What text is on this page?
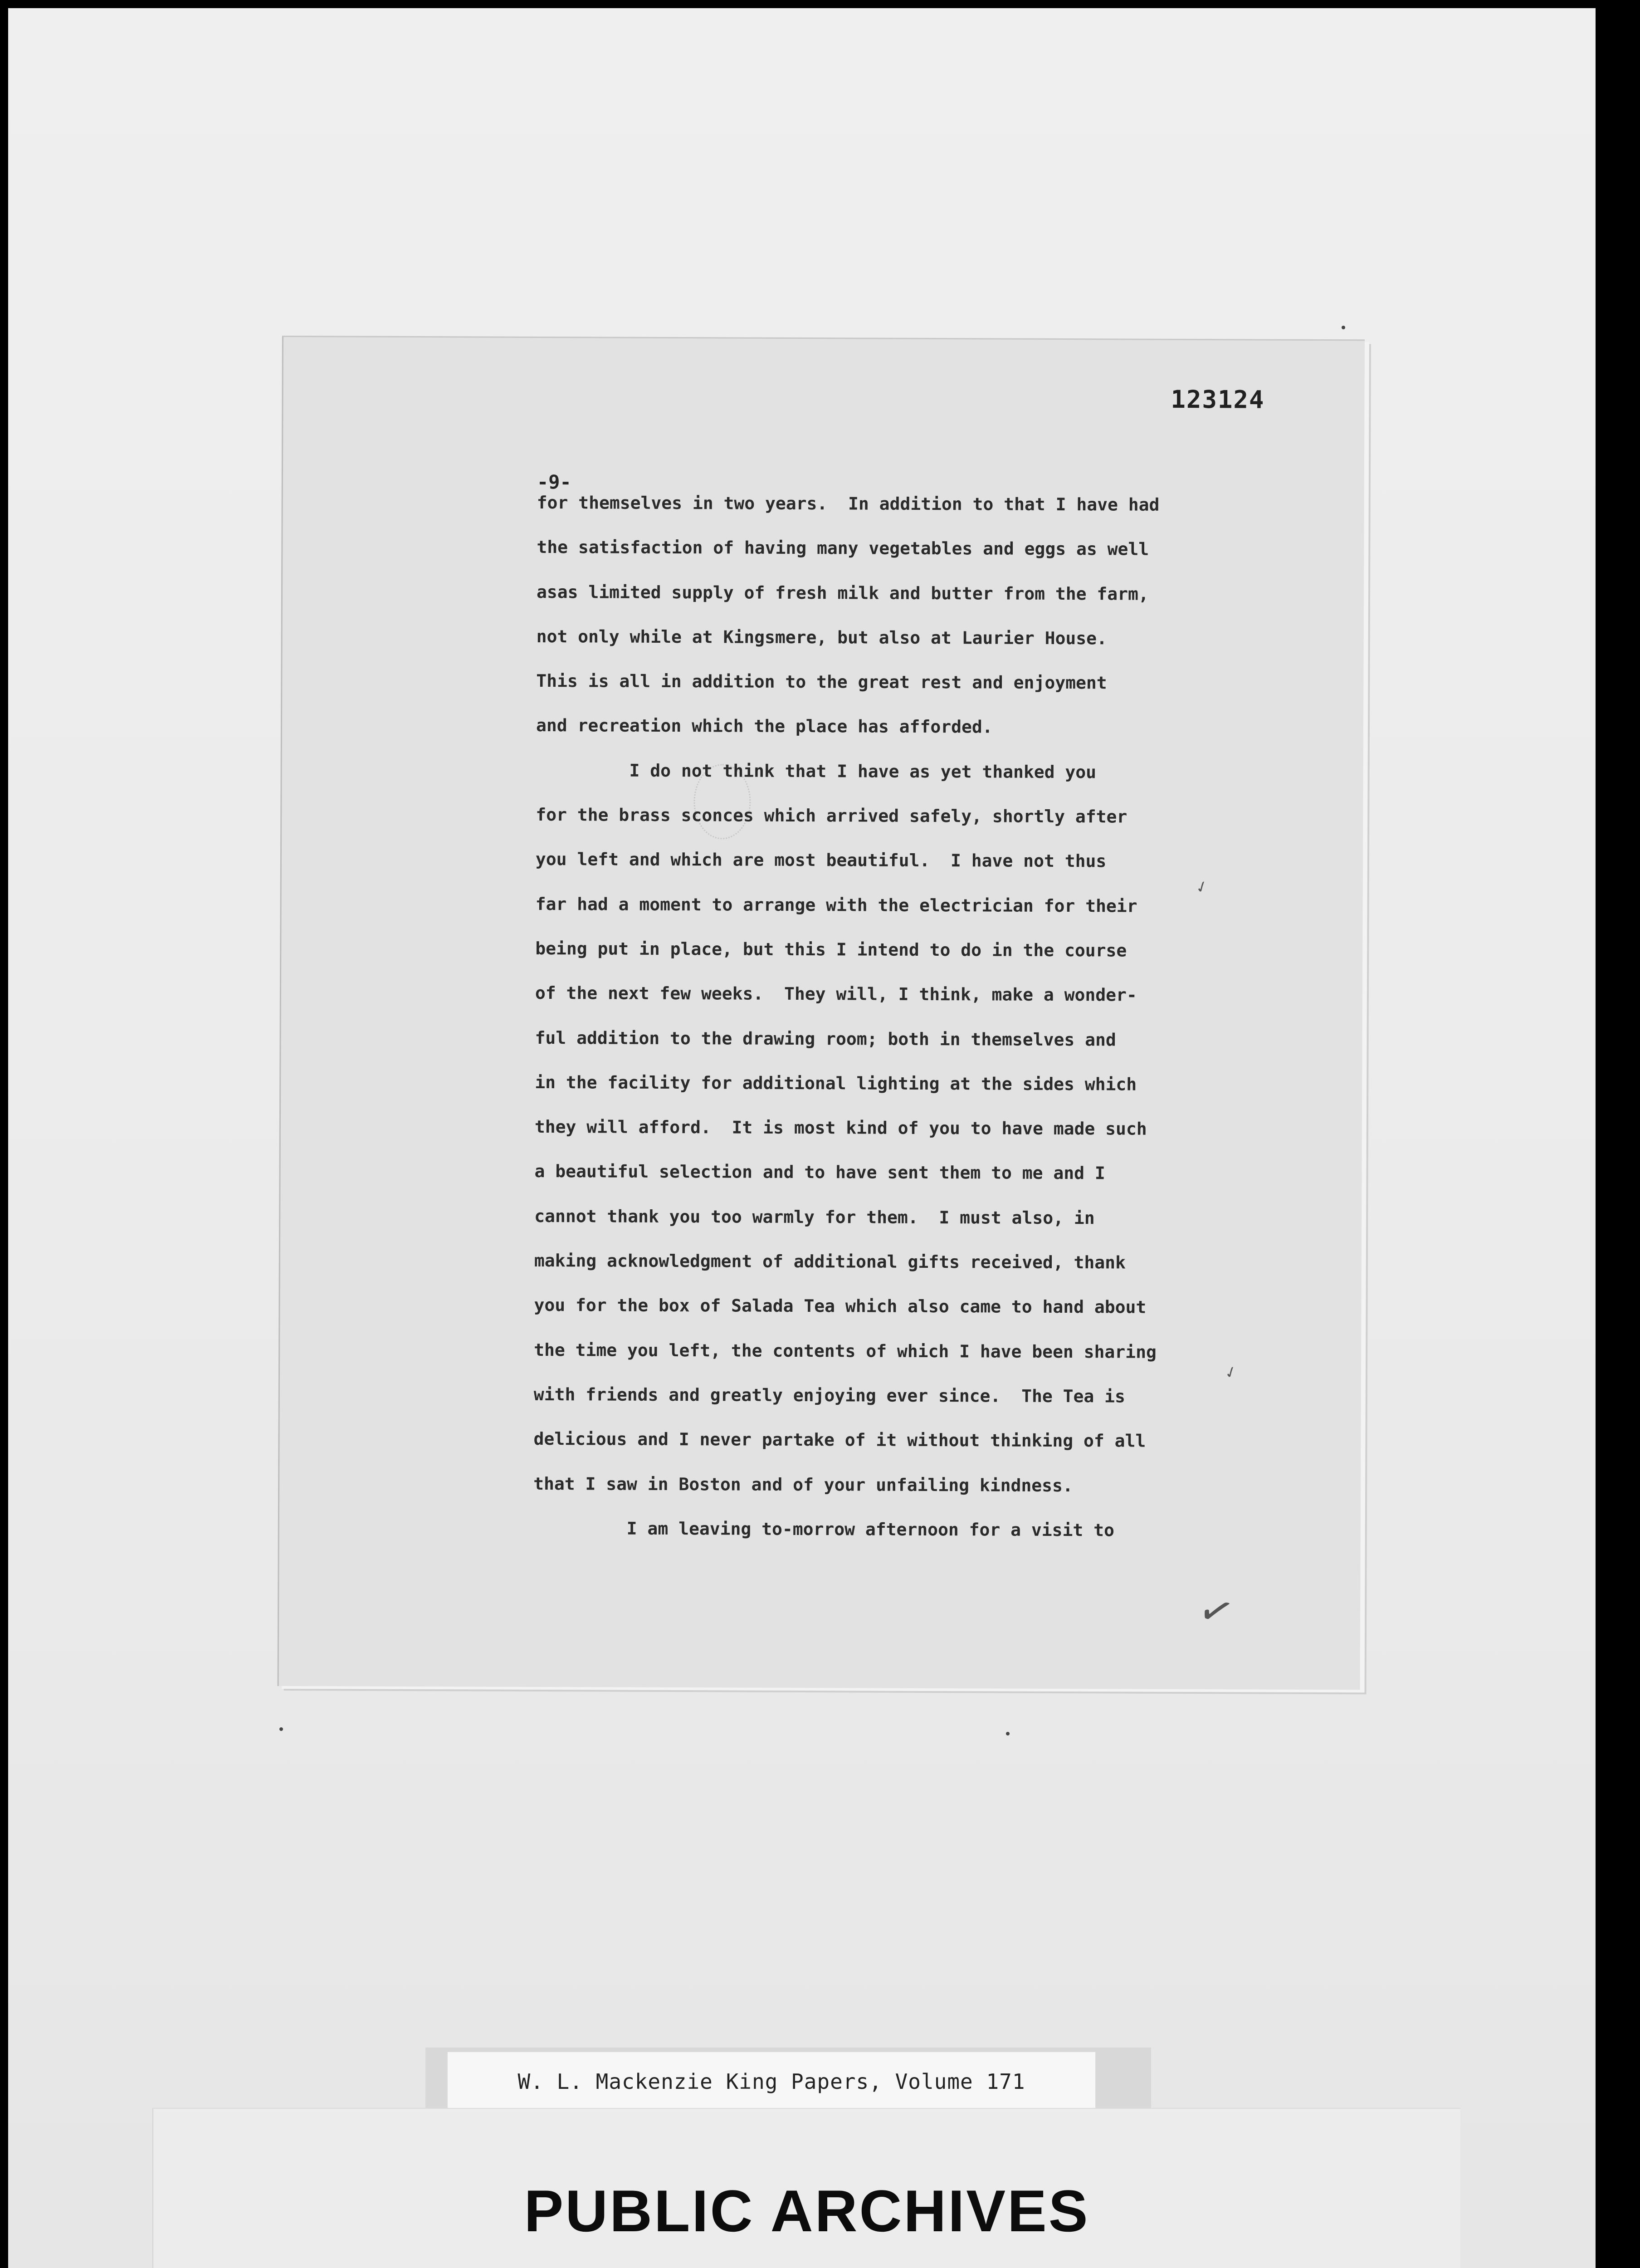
123124
-9-
for themselves in two years.  In addition to that I have had
the satisfaction of having many vegetables and eggs as well
asas limited supply of fresh milk and butter from the farm,
not only while at Kingsmere, but also at Laurier House.
This is all in addition to the great rest and enjoyment
and recreation which the place has afforded.
I do not think that I have as yet thanked you
for the brass sconces which arrived safely, shortly after
you left and which are most beautiful.  I have not thus
far had a moment to arrange with the electrician for their
being put in place, but this I intend to do in the course
of the next few weeks.  They will, I think, make a wonder-
ful addition to the drawing room; both in themselves and
in the facility for additional lighting at the sides which
they will afford.  It is most kind of you to have made such
a beautiful selection and to have sent them to me and I
cannot thank you too warmly for them.  I must also, in
making acknowledgment of additional gifts received, thank
you for the box of Salada Tea which also came to hand about
the time you left, the contents of which I have been sharing
with friends and greatly enjoying ever since.  The Tea is
delicious and I never partake of it without thinking of all
that I saw in Boston and of your unfailing kindness.
I am leaving to-morrow afternoon for a visit to
✓
✓
✓
W. L. Mackenzie King Papers, Volume 171

PUBLIC ARCHIVES
